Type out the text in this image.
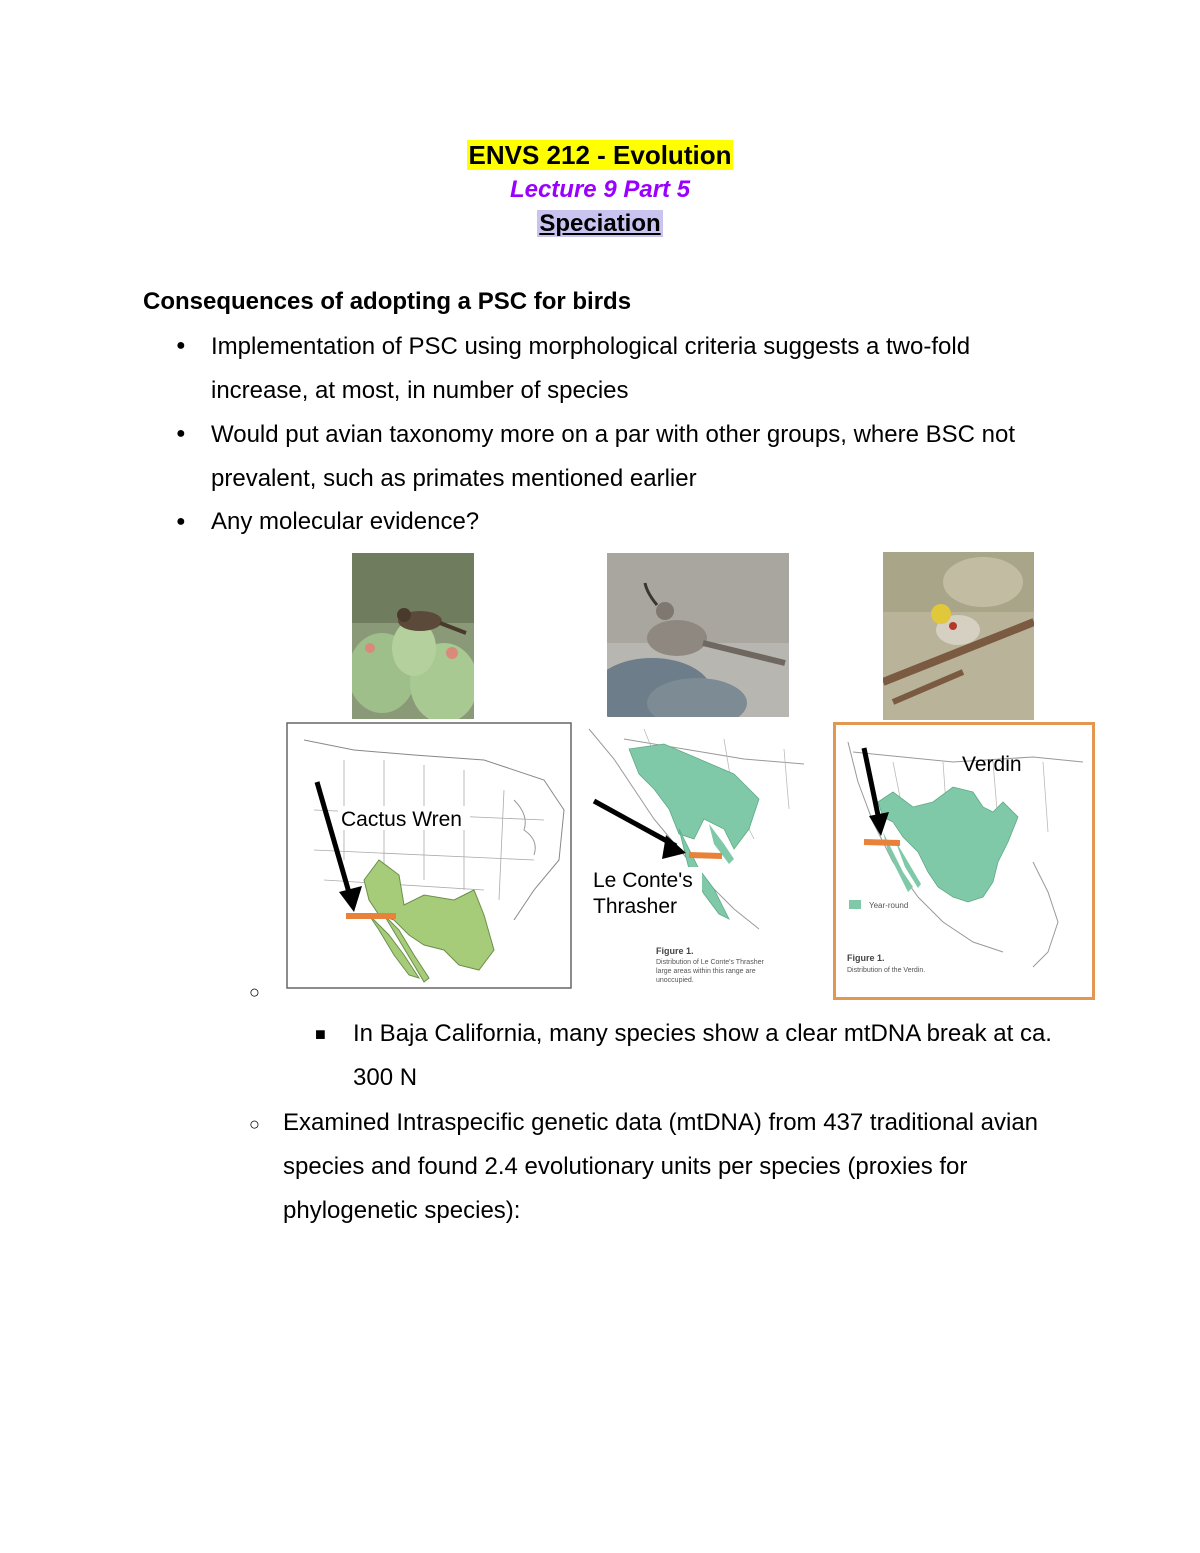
ENVS 212 - Evolution
Lecture 9 Part 5
Speciation
Consequences of adopting a PSC for birds
● Implementation of PSC using morphological criteria suggests a two-fold increase, at most, in number of species
● Would put avian taxonomy more on a par with other groups, where BSC not prevalent, such as primates mentioned earlier
● Any molecular evidence?
Cactus Wren
Le Conte's
Thrasher
Figure 1.
Distribution of Le Conte's Thrasher
large areas within this range are
unoccupied.
Verdin
Year-round
Figure 1.
Distribution of the Verdin.
○
■ In Baja California, many species show a clear mtDNA break at ca. 300 N
○ Examined Intraspecific genetic data (mtDNA) from 437 traditional avian species and found 2.4 evolutionary units per species (proxies for phylogenetic species):
